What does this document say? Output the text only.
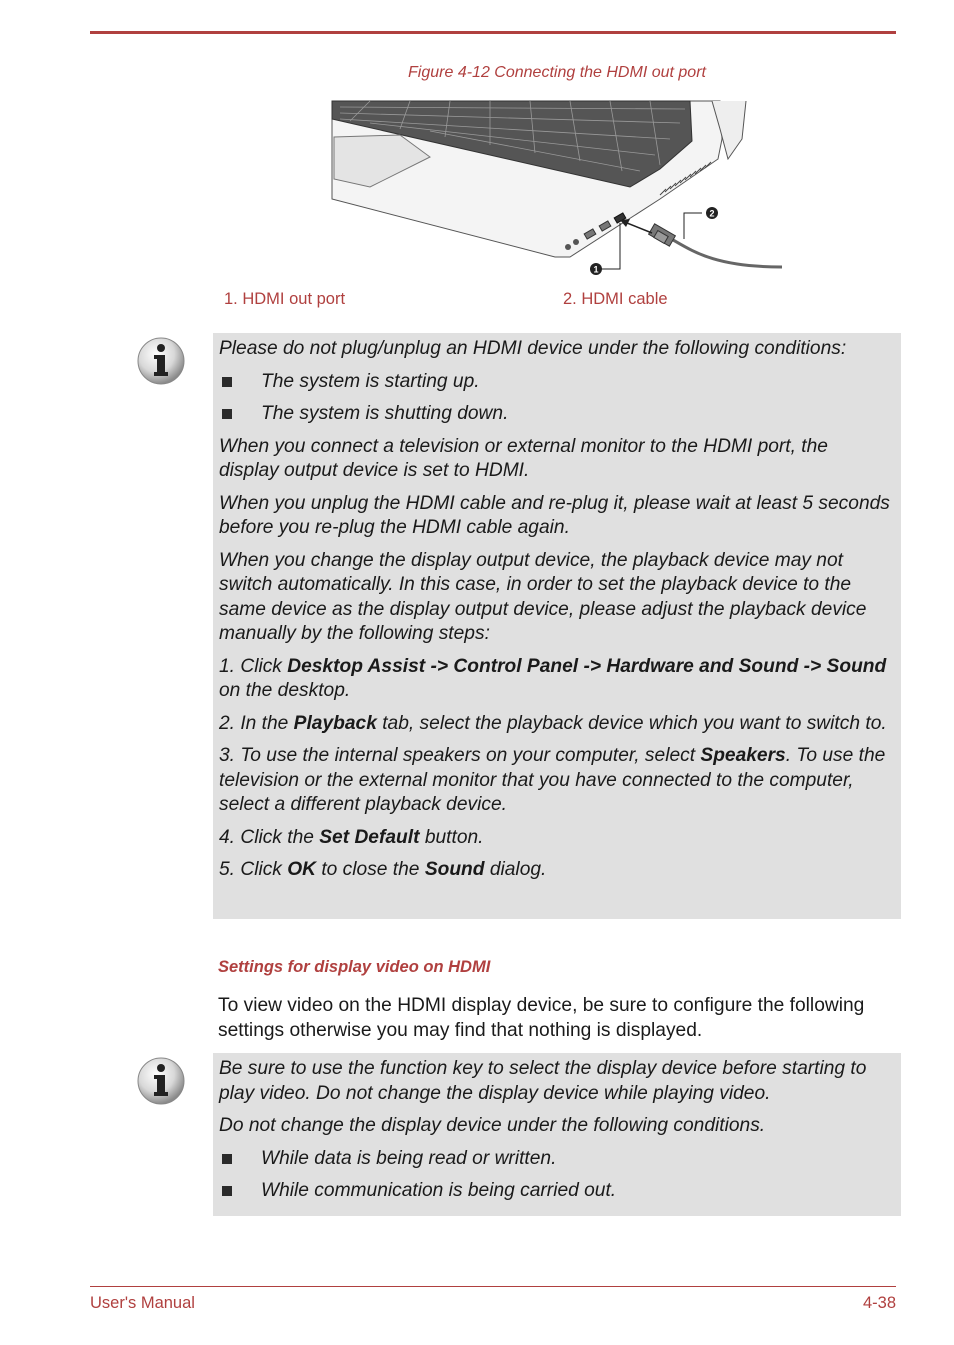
Figure 4-12 Connecting the HDMI out port
2
1
1. HDMI out port	2. HDMI cable

Please do not plug/unplug an HDMI device under the following conditions:

The system is starting up.
The system is shutting down.

When you connect a television or external monitor to the HDMI port, the display output device is set to HDMI.

When you unplug the HDMI cable and re-plug it, please wait at least 5 seconds before you re-plug the HDMI cable again.

When you change the display output device, the playback device may not switch automatically. In this case, in order to set the playback device to the same device as the display output device, please adjust the playback device manually by the following steps:

1. Click Desktop Assist -> Control Panel -> Hardware and Sound -> Sound on the desktop.

2. In the Playback tab, select the playback device which you want to switch to.

3. To use the internal speakers on your computer, select Speakers. To use the television or the external monitor that you have connected to the computer, select a different playback device.

4. Click the Set Default button.

5. Click OK to close the Sound dialog.

Settings for display video on HDMI

To view video on the HDMI display device, be sure to configure the following settings otherwise you may find that nothing is displayed.

Be sure to use the function key to select the display device before starting to play video. Do not change the display device while playing video.

Do not change the display device under the following conditions.

While data is being read or written.
While communication is being carried out.
User's Manual	4-38
